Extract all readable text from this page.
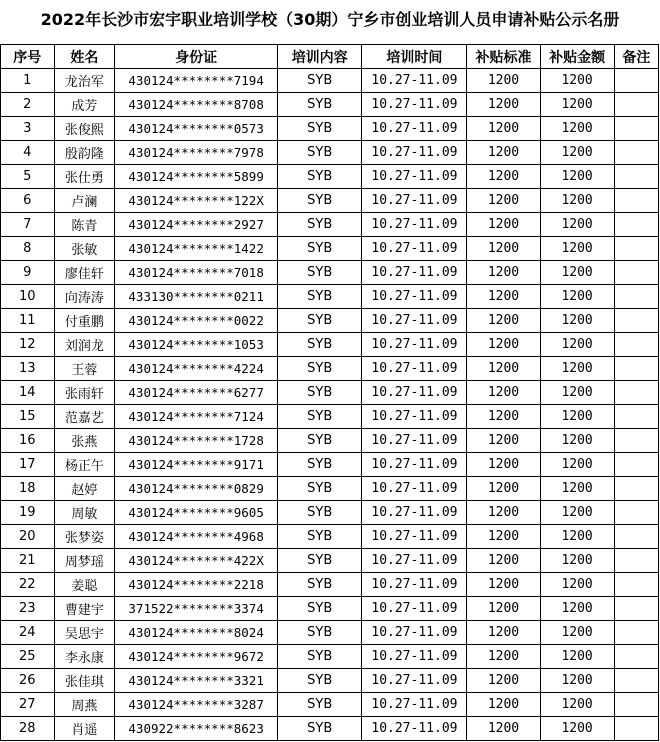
2022年长沙市宏宇职业培训学校（30期）宁乡市创业培训人员申请补贴公示名册
序号	姓名	身份证	培训内容	培训时间	补贴标准	补贴金额	备注
1	龙治军	430124********7194	SYB	10.27-11.09	1200	1200	
2	成芳	430124********8708	SYB	10.27-11.09	1200	1200	
3	张俊熙	430124********0573	SYB	10.27-11.09	1200	1200	
4	殷韵隆	430124********7978	SYB	10.27-11.09	1200	1200	
5	张仕勇	430124********5899	SYB	10.27-11.09	1200	1200	
6	卢澜	430124********122X	SYB	10.27-11.09	1200	1200	
7	陈青	430124********2927	SYB	10.27-11.09	1200	1200	
8	张敏	430124********1422	SYB	10.27-11.09	1200	1200	
9	廖佳轩	430124********7018	SYB	10.27-11.09	1200	1200	
10	向涛涛	433130********0211	SYB	10.27-11.09	1200	1200	
11	付重鹏	430124********0022	SYB	10.27-11.09	1200	1200	
12	刘润龙	430124********1053	SYB	10.27-11.09	1200	1200	
13	王蓉	430124********4224	SYB	10.27-11.09	1200	1200	
14	张雨轩	430124********6277	SYB	10.27-11.09	1200	1200	
15	范嘉艺	430124********7124	SYB	10.27-11.09	1200	1200	
16	张燕	430124********1728	SYB	10.27-11.09	1200	1200	
17	杨正午	430124********9171	SYB	10.27-11.09	1200	1200	
18	赵婷	430124********0829	SYB	10.27-11.09	1200	1200	
19	周敏	430124********9605	SYB	10.27-11.09	1200	1200	
20	张梦姿	430124********4968	SYB	10.27-11.09	1200	1200	
21	周梦瑶	430124********422X	SYB	10.27-11.09	1200	1200	
22	姜聪	430124********2218	SYB	10.27-11.09	1200	1200	
23	曹建宇	371522********3374	SYB	10.27-11.09	1200	1200	
24	吴思宇	430124********8024	SYB	10.27-11.09	1200	1200	
25	李永康	430124********9672	SYB	10.27-11.09	1200	1200	
26	张佳琪	430124********3321	SYB	10.27-11.09	1200	1200	
27	周燕	430124********3287	SYB	10.27-11.09	1200	1200	
28	肖遥	430922********8623	SYB	10.27-11.09	1200	1200	
